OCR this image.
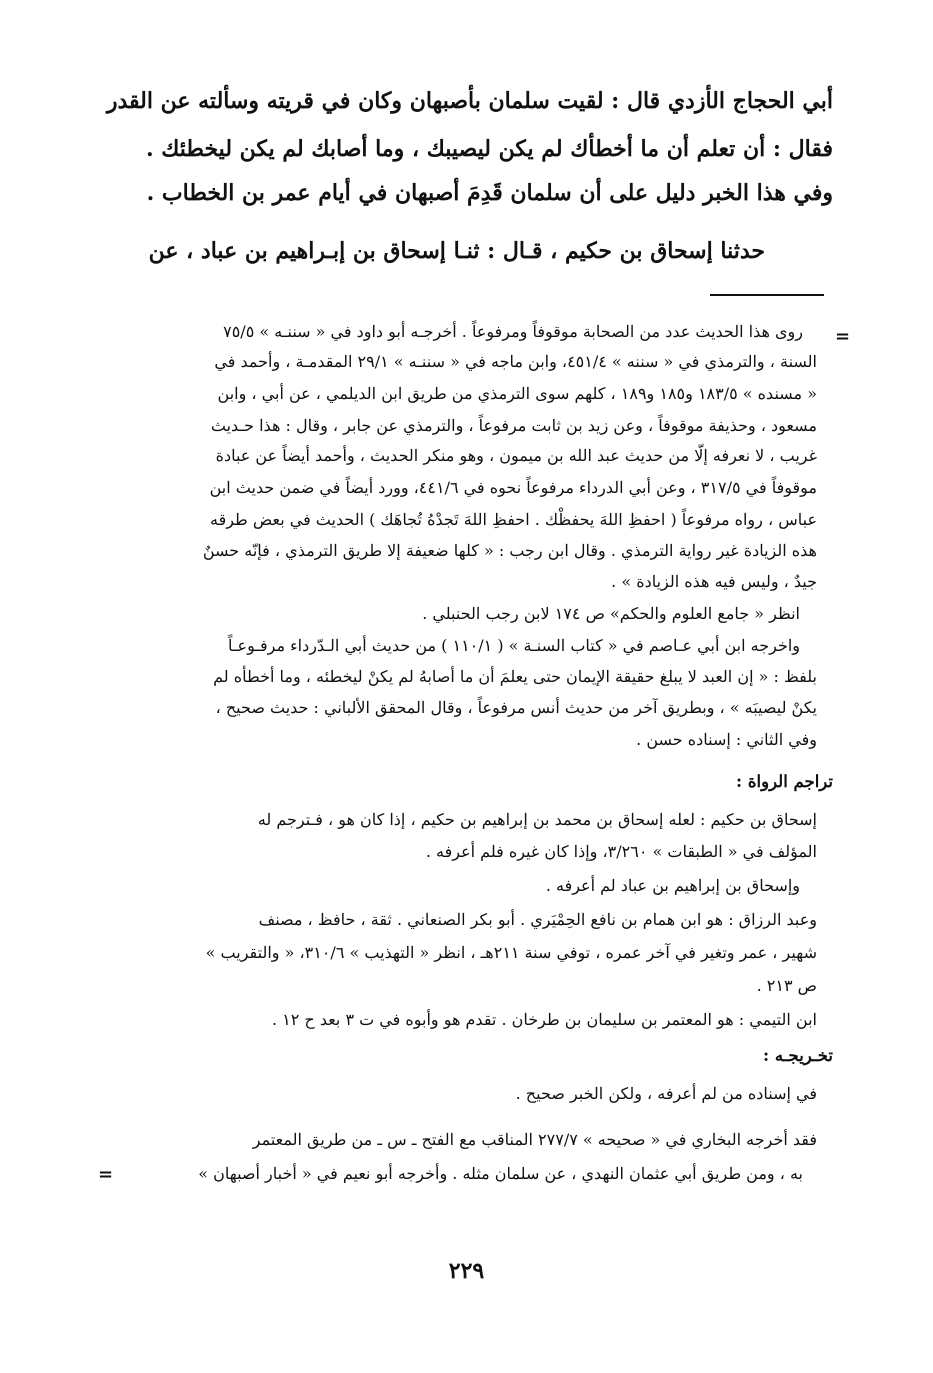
أبي الحجاج الأزدي قال : لقيت سلمان بأصبهان وكان في قريته وسألته عن القدر
فقال : أن تعلم أن ما أخطأك لم يكن ليصيبك ، وما أصابك لم يكن ليخطئك .
وفي هذا الخبر دليل على أن سلمان قَدِمَ أصبهان في أيام عمر بن الخطاب .
حدثنا إسحاق بن حكيم ، قـال : ثنـا إسحاق بن إبـراهيم بن عباد ، عن
=
روى هذا الحديث عدد من الصحابة موقوفاً ومرفوعاً . أخرجـه أبو داود في « سننـه » ٧٥/٥
السنة ، والترمذي في « سننه » ٤٥١/٤، وابن ماجه في « سننـه » ٢٩/١ المقدمـة ، وأحمد في
« مسنده » ١٨٣/٥ و١٨٥ و١٨٩ ، كلهم سوى الترمذي من طريق ابن الديلمي ، عن أبي ، وابن
مسعود ، وحذيفة موقوفاً ، وعن زيد بن ثابت مرفوعاً ، والترمذي عن جابر ، وقال : هذا حـديث
غريب ، لا نعرفه إلّا من حديث عبد الله بن ميمون ، وهو منكر الحديث ، وأحمد أيضاً عن عبادة
موقوفاً في ٣١٧/٥ ، وعن أبي الدرداء مرفوعاً نحوه في ٤٤١/٦، وورد أيضاً في ضمن حديث ابن
عباس ، رواه مرفوعاً ( احفظِ اللهَ يحفظْك . احفظِ اللهَ تَجدْهُ تُجاهَك ) الحديث في بعض طرقه
هذه الزيادة غير رواية الترمذي . وقال ابن رجب : « كلها ضعيفة إلا طريق الترمذي ، فإنّه حسنٌ
جيدٌ ، وليس فيه هذه الزيادة » .
انظر « جامع العلوم والحكم» ص ١٧٤ لابن رجب الحنبلي .
واخرجه ابن أبي عـاصم في « كتاب السنـة » ( ١١٠/١ ) من حديث أبي الـدّرداء مرفـوعـاً
بلفظ : « إن العبد لا يبلغ حقيقة الإيمان حتى يعلمَ أن ما أصابهُ لم يكنْ ليخطئه ، وما أخطأه لم
يكنْ ليصيبَه » ، وبطريق آخر من حديث أنس مرفوعاً ، وقال المحقق الألباني : حديث صحيح ،
وفي الثاني : إسناده حسن .
تراجم الرواة :
إسحاق بن حكيم : لعله إسحاق بن محمد بن إبراهيم بن حكيم ، إذا كان هو ، فـترجم له
المؤلف في « الطبقات » ٣/٢٦٠، وإذا كان غيره فلم أعرفه .
وإسحاق بن إبراهيم بن عباد لم أعرفه .
وعبد الرزاق : هو ابن همام بن نافع الحِمْيَري . أبو بكر الصنعاني . ثقة ، حافظ ، مصنف
شهير ، عمر وتغير في آخر عمره ، توفي سنة ٢١١هـ ، انظر « التهذيب » ٣١٠/٦، « والتقريب »
ص ٢١٣ .
ابن التيمي : هو المعتمر بن سليمان بن طرخان . تقدم هو وأبوه في ت ٣ بعد ح ١٢ .
تخـريجـه :
في إسناده من لم أعرفه ، ولكن الخبر صحيح .
فقد أخرجه البخاري في « صحيحه » ٢٧٧/٧ المناقب مع الفتح ـ س ـ من طريق المعتمر
به ، ومن طريق أبي عثمان النهدي ، عن سلمان مثله . وأخرجه أبو نعيم في « أخبار أصبهان »
=
٢٢٩
